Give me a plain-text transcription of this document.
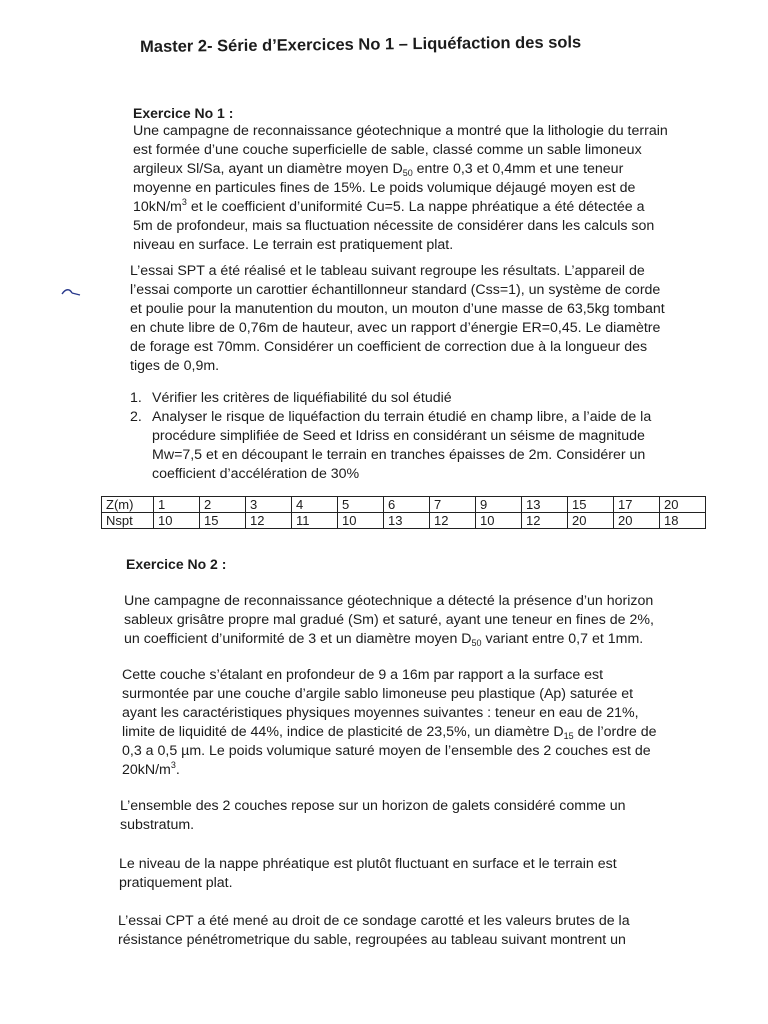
Master 2- Série d’Exercices No 1 – Liquéfaction des sols

Exercice No 1 :

Une campagne de reconnaissance géotechnique a montré que la lithologie du terrain

est formée d’une couche superficielle de sable, classé comme un sable limoneux

argileux Sl/Sa, ayant un diamètre moyen $D_{50}$ entre 0,3 et 0,4mm et une teneur

moyenne en particules fines de 15%. Le poids volumique déjaugé moyen est de

$10kN/m^3$ et le coefficient d’uniformité Cu=5. La nappe phréatique a été détectée a

5m de profondeur, mais sa fluctuation nécessite de considérer dans les calculs son

niveau en surface. Le terrain est pratiquement plat.

L’essai SPT a été réalisé et le tableau suivant regroupe les résultats. L’appareil de

l’essai comporte un carottier échantillonneur standard (Css=1), un système de corde

et poulie pour la manutention du mouton, un mouton d’une masse de 63,5kg tombant

en chute libre de 0,76m de hauteur, avec un rapport d’énergie ER=0,45. Le diamètre

de forage est 70mm. Considérer un coefficient de correction due à la longueur des

tiges de 0,9m.

1. Vérifier les critères de liquéfiabilité du sol étudié

2. Analyser le risque de liquéfaction du terrain étudié en champ libre, a l’aide de la

procédure simplifiée de Seed et Idriss en considérant un séisme de magnitude

Mw=7,5 et en découpant le terrain en tranches épaisses de 2m. Considérer un

coefficient d’accélération de 30%

Z(m)	1	2	3	4	5	6	7	9	13	15	17	20
Nspt	10	15	12	11	10	13	12	10	12	20	20	18

Exercice No 2 :

Une campagne de reconnaissance géotechnique a détecté la présence d’un horizon

sableux grisâtre propre mal gradué (Sm) et saturé, ayant une teneur en fines de 2%,

un coefficient d’uniformité de 3 et un diamètre moyen $D_{50}$ variant entre 0,7 et 1mm.

Cette couche s’étalant en profondeur de 9 a 16m par rapport a la surface est

surmontée par une couche d’argile sablo limoneuse peu plastique (Ap) saturée et

ayant les caractéristiques physiques moyennes suivantes : teneur en eau de 21%,

limite de liquidité de 44%, indice de plasticité de 23,5%, un diamètre $D_{15}$ de l’ordre de

0,3 a 0,5 µm. Le poids volumique saturé moyen de l’ensemble des 2 couches est de

$20kN/m^3$.

L’ensemble des 2 couches repose sur un horizon de galets considéré comme un

substratum.

Le niveau de la nappe phréatique est plutôt fluctuant en surface et le terrain est

pratiquement plat.

L’essai CPT a été mené au droit de ce sondage carotté et les valeurs brutes de la

résistance pénétrometrique du sable, regroupées au tableau suivant montrent un
